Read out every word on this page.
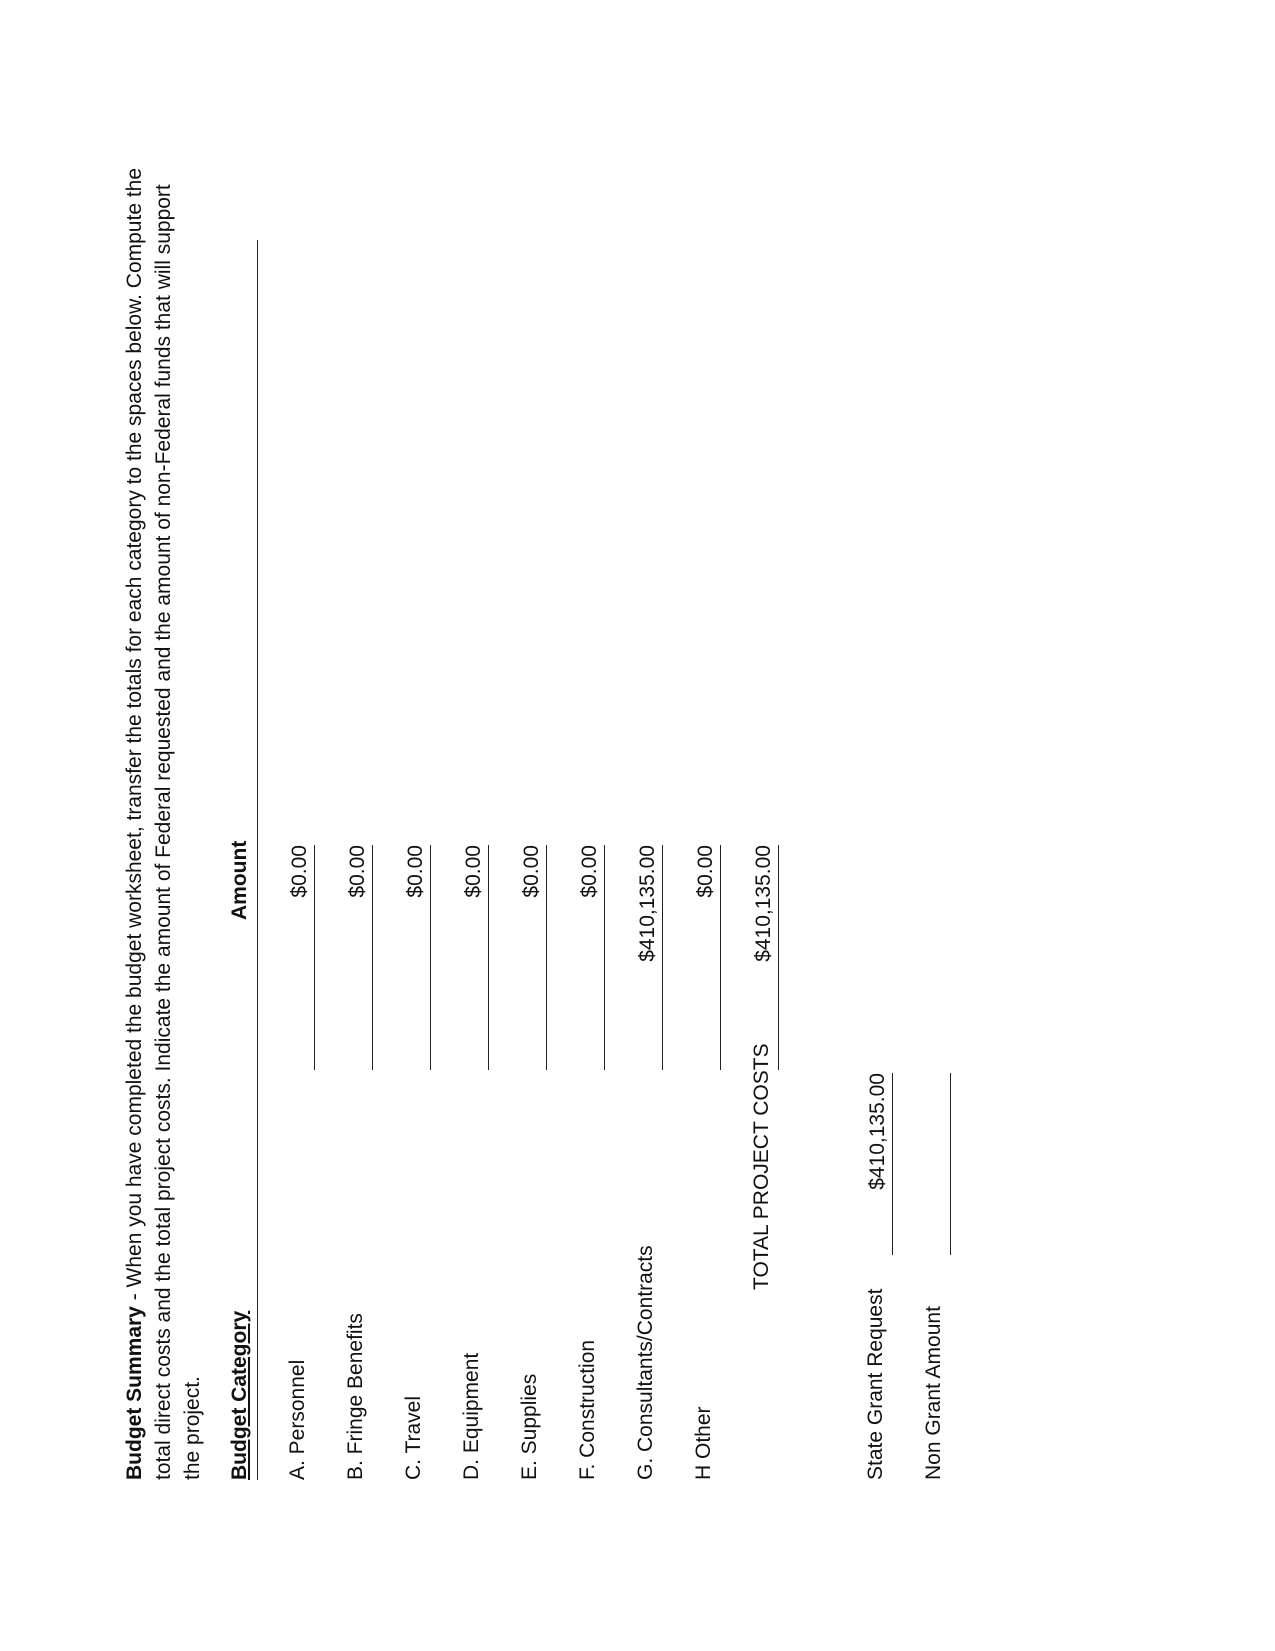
Budget Summary - When you have completed the budget worksheet, transfer the totals for each category to the spaces below. Compute the total direct costs and the total project costs. Indicate the amount of Federal requested and the amount of non-Federal funds that will support the project. Budget Category
Amount
A. Personnel
$0.00
B. Fringe Benefits
$0.00
C. Travel
$0.00
D. Equipment
$0.00
E. Supplies
$0.00
F. Construction
$0.00
G. Consultants/Contracts
$410,135.00
H Other
$0.00
TOTAL PROJECT COSTS
$410,135.00
State Grant Request
$410,135.00
Non Grant Amount
